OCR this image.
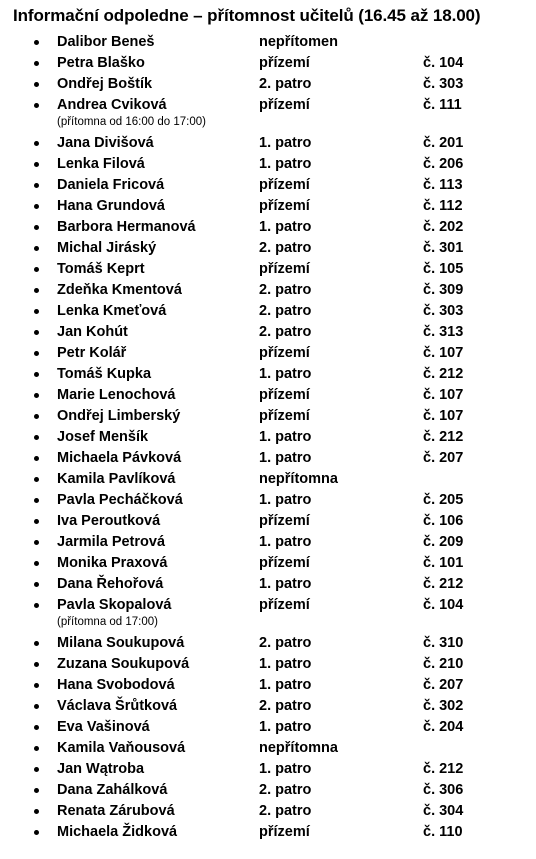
Informační odpoledne – přítomnost učitelů (16.45 až 18.00)
Dalibor Beneš	nepřítomen
Petra Blaško	přízemí	č. 104
Ondřej Boštík	2. patro	č. 303
Andrea Cviková	přízemí	č. 111
(přítomna od 16:00 do 17:00)
Jana Divišová	1. patro	č. 201
Lenka Filová	1. patro	č. 206
Daniela Fricová	přízemí	č. 113
Hana Grundová	přízemí	č. 112
Barbora Hermanová	1. patro	č. 202
Michal Jiráský	2. patro	č. 301
Tomáš Keprt	přízemí	č. 105
Zdeňka Kmentová	2. patro	č. 309
Lenka Kmeťová	2. patro	č. 303
Jan Kohút	2. patro	č. 313
Petr Kolář	přízemí	č. 107
Tomáš Kupka	1. patro	č. 212
Marie Lenochová	přízemí	č. 107
Ondřej Limberský	přízemí	č. 107
Josef Menšík	1. patro	č. 212
Michaela Pávková	1. patro	č. 207
Kamila Pavlíková	nepřítomna
Pavla Pecháčková	1. patro	č. 205
Iva Peroutková	přízemí	č. 106
Jarmila Petrová	1. patro	č. 209
Monika Praxová	přízemí	č. 101
Dana Řehořová	1. patro	č. 212
Pavla Skopalová	přízemí	č. 104
(přítomna od 17:00)
Milana Soukupová	2. patro	č. 310
Zuzana Soukupová	1. patro	č. 210
Hana Svobodová	1. patro	č. 207
Václava Šrůtková	2. patro	č. 302
Eva Vašinová	1. patro	č. 204
Kamila Vaňousová	nepřítomna
Jan Wątroba	1. patro	č. 212
Dana Zahálková	2. patro	č. 306
Renata Zárubová	2. patro	č. 304
Michaela Židková	přízemí	č. 110
